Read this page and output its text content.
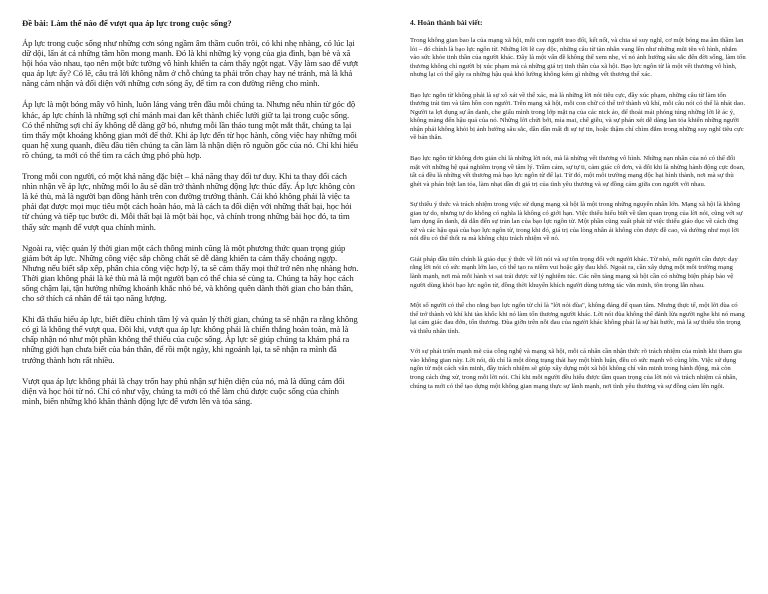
Đề bài: Làm thế nào để vượt qua áp lực trong cuộc sống?

Áp lực trong cuộc sống như những cơn sóng ngầm âm thầm cuốn trôi, có khi nhẹ nhàng, có lúc lại dữ dội, lấn át cả những tâm hồn mong manh. Đó là khi những kỳ vọng của gia đình, bạn bè và xã hội hóa vào nhau, tạo nên một bức tường vô hình khiến ta cảm thấy ngột ngạt. Vậy làm sao để vượt qua áp lực ấy? Có lẽ, câu trả lời không nằm ở chỗ chúng ta phải trốn chạy hay né tránh, mà là khả năng cảm nhận và đối diện với những cơn sóng ấy, để tìm ra con đường riêng cho mình.

Áp lực là một bóng mây vô hình, luôn lảng vảng trên đầu mỗi chúng ta. Nhưng nếu nhìn từ góc độ khác, áp lực chính là những sợi chỉ mảnh mai đan kết thành chiếc lưới giữ ta lại trong cuộc sống. Có thể những sợi chỉ ấy không dễ dàng gỡ bỏ, nhưng mỗi lần tháo tung một mắt thắt, chúng ta lại tìm thấy một khoảng không gian mới để thở. Khi áp lực đến từ học hành, công việc hay những mối quan hệ xung quanh, điều đầu tiên chúng ta cần làm là nhận diện rõ nguồn gốc của nó. Chỉ khi hiểu rõ chúng, ta mới có thể tìm ra cách ứng phó phù hợp.

Trong mỗi con người, có một khả năng đặc biệt – khả năng thay đổi tư duy. Khi ta thay đổi cách nhìn nhận về áp lực, những mối lo âu sẽ dần trở thành những động lực thúc đẩy. Áp lực không còn là kẻ thù, mà là người bạn đồng hành trên con đường trưởng thành. Cái khó không phải là việc ta phải đạt được mọi mục tiêu một cách hoàn hảo, mà là cách ta đối diện với những thất bại, học hỏi từ chúng và tiếp tục bước đi. Mỗi thất bại là một bài học, và chính trong những bài học đó, ta tìm thấy sức mạnh để vượt qua chính mình.

Ngoài ra, việc quản lý thời gian một cách thông minh cũng là một phương thức quan trọng giúp giảm bớt áp lực. Những công việc sắp chồng chất sẽ dễ dàng khiến ta cảm thấy choáng ngợp. Nhưng nếu biết sắp xếp, phân chia công việc hợp lý, ta sẽ cảm thấy mọi thứ trở nên nhẹ nhàng hơn. Thời gian không phải là kẻ thù mà là một người bạn có thể chia sẻ cùng ta. Chúng ta hãy học cách sống chậm lại, tận hưởng những khoảnh khắc nhỏ bé, và không quên dành thời gian cho bản thân, cho sở thích cá nhân để tái tạo năng lượng.

Khi đã thấu hiểu áp lực, biết điều chỉnh tâm lý và quản lý thời gian, chúng ta sẽ nhận ra rằng không có gì là không thể vượt qua. Đôi khi, vượt qua áp lực không phải là chiến thắng hoàn toàn, mà là chấp nhận nó như một phần không thể thiếu của cuộc sống. Áp lực sẽ giúp chúng ta khám phá ra những giới hạn chưa biết của bản thân, để rồi một ngày, khi ngoảnh lại, ta sẽ nhận ra mình đã trưởng thành hơn rất nhiều.

Vượt qua áp lực không phải là chạy trốn hay phủ nhận sự hiện diện của nó, mà là dũng cảm đối diện và học hỏi từ nó. Chỉ có như vậy, chúng ta mới có thể làm chủ được cuộc sống của chính mình, biến những khó khăn thành động lực để vươn lên và tỏa sáng.

4. Hoàn thành bài viết:

Trong không gian bao la của mạng xã hội, mỗi con người trao đổi, kết nối, và chia sẻ suy nghĩ, cơ một bóng ma âm thầm lan lỏi – đó chính là bạo lực ngôn từ. Những lời lẽ cay độc, những câu từ tàn nhẫn vang lên như những mũi tên vô hình, nhắm vào sức khỏe tinh thần của người khác. Đây là một vấn đề không thể xem nhẹ, vì nó ảnh hưởng sâu sắc đến đời sống, làm tổn thương không chỉ người bị xúc phạm mà cả những giá trị tinh thần của xã hội. Bạo lực ngôn từ là một vết thương vô hình, nhưng lại có thể gây ra những hậu quả khó lường không kém gì những vết thương thể xác.

Bạo lực ngôn từ không phải là sự xô xát về thể xác, mà là những lời nói tiêu cực, đầy xúc phạm, những câu từ làm tổn thương trái tim và tâm hồn con người. Trên mạng xã hội, mỗi con chữ có thể trở thành vũ khí, mỗi câu nói có thể là nhát dao. Người ta lợi dụng sự ẩn danh, che giấu mình trong lớp mặt nạ của các nick ảo, để thoải mái phóng túng những lời lẽ ác ý, không màng đến hậu quả của nó. Những lời chửi bới, mỉa mai, chế giễu, và sự phán xét dễ dàng lan tỏa khiến những người nhận phải không khỏi bị ảnh hưởng sâu sắc, dần dần mất đi sự tự tin, hoặc thậm chí chìm đắm trong những suy nghĩ tiêu cực về bản thân.

Bạo lực ngôn từ không đơn giản chỉ là những lời nói, mà là những vết thương vô hình. Những nạn nhân của nó có thể đối mặt với những hệ quả nghiêm trọng về tâm lý. Trầm cảm, sự tự ti, cảm giác cô đơn, và đôi khi là những hành động cực đoan, tất cả đều là những vết thương mà bạo lực ngôn từ để lại. Từ đó, một môi trường mạng độc hại hình thành, nơi mà sự thù ghét và phán biệt lan tỏa, làm nhạt dần đi giá trị của tình yêu thương và sự đồng cảm giữa con người với nhau.

Sự thiếu ý thức và trách nhiệm trong việc sử dụng mạng xã hội là một trong những nguyên nhân lớn. Mạng xã hội là không gian tự do, nhưng tự do không có nghĩa là không có giới hạn. Việc thiếu hiểu biết về tầm quan trọng của lời nói, cũng với sự lạm dụng ẩn danh, đã dẫn đến sự tràn lan của bạo lực ngôn từ. Một phần cũng xuất phát từ việc thiếu giáo dục về cách ứng xử và các hậu quả của bạo lực ngôn từ, trong khi đó, giá trị của lòng nhân ái không còn được đề cao, và dường như mọi lời nói đều có thể thốt ra mà không chịu trách nhiệm về nó.

Giải pháp đầu tiên chính là giáo dục ý thức về lời nói và sự tôn trọng đối với người khác. Từ nhỏ, mỗi người cần được dạy rằng lời nói có sức mạnh lớn lao, có thể tạo ra niềm vui hoặc gây đau khổ. Ngoài ra, cần xây dựng một môi trường mạng lành mạnh, nơi mà mỗi hành vi sai trái được xử lý nghiêm túc. Các nền tảng mạng xã hội cần có những biện pháp bảo vệ người dùng khỏi bạo lực ngôn từ, đồng thời khuyến khích người dùng tương tác văn minh, tôn trọng lẫn nhau.

Một số người có thể cho rằng bạo lực ngôn từ chỉ là "lời nói đùa", không đáng để quan tâm. Nhưng thực tế, một lời đùa có thể trở thành vũ khí khi tàn khốc khi nó làm tổn thương người khác. Lời nói đùa không thể đánh lừa người nghe khi nó mang lại cảm giác đau đớn, tổn thương. Đùa giỡn trên nỗi đau của người khác không phải là sự hài hước, mà là sự thiếu tôn trọng và thiếu nhân tính.

Với sự phát triển mạnh mẽ của công nghệ và mạng xã hội, mỗi cá nhân cần nhận thức rõ trách nhiệm của mình khi tham gia vào không gian này. Lời nói, dù chỉ là một dòng trạng thái hay một bình luận, đều có sức mạnh vô cùng lớn. Việc sử dụng ngôn từ một cách văn minh, đầy trách nhiệm sẽ giúp xây dựng một xã hội không chỉ văn minh trong hành động, mà còn trong cách ứng xử, trong mỗi lời nói. Chỉ khi mỗi người đều hiểu được tầm quan trọng của lời nói và trách nhiệm cá nhân, chúng ta mới có thể tạo dựng một không gian mạng thực sự lành mạnh, nơi tình yêu thương và sự đồng cảm lên ngôi.
